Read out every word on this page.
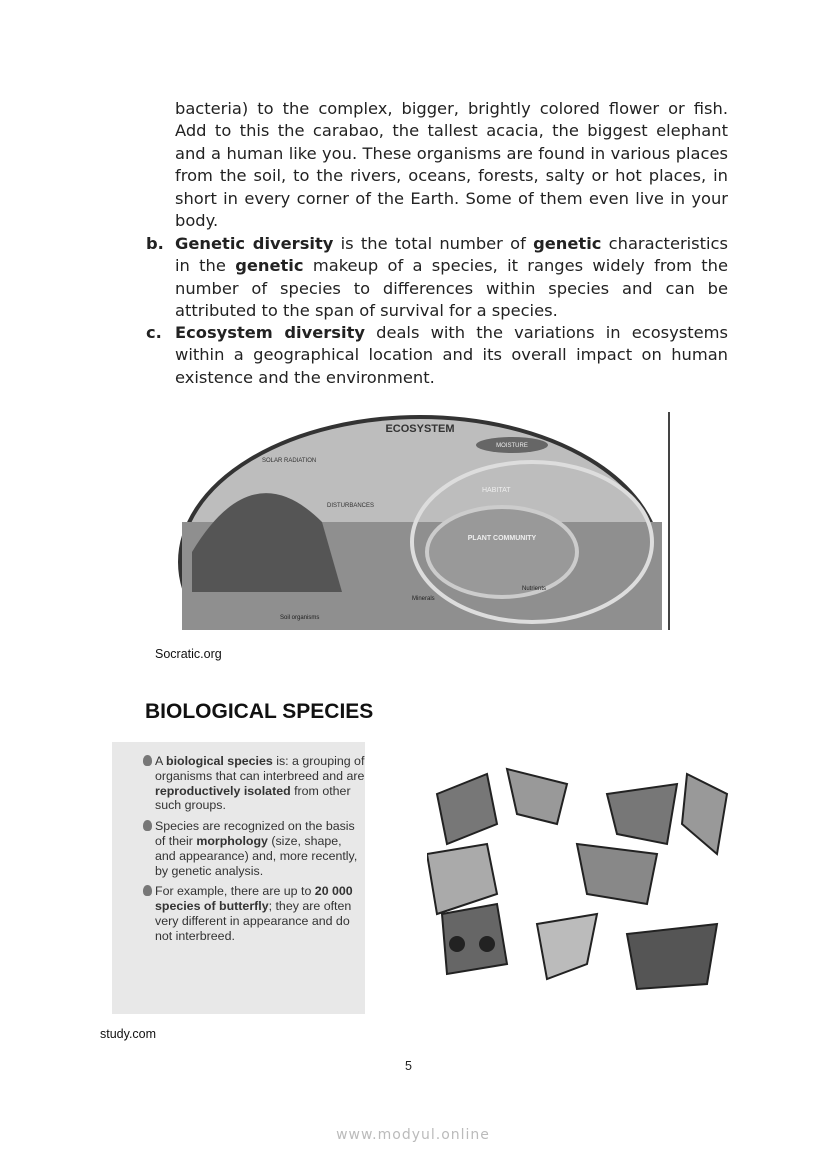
bacteria) to the complex, bigger, brightly colored flower or fish. Add to this the carabao, the tallest acacia, the biggest elephant and a human like you. These organisms are found in various places from the soil, to the rivers, oceans, forests, salty or hot places, in short in every corner of the Earth. Some of them even live in your body.

b. Genetic diversity is the total number of genetic characteristics in the genetic makeup of a species, it ranges widely from the number of species to differences within species and can be attributed to the span of survival for a species.
c. Ecosystem diversity deals with the variations in ecosystems within a geographical location and its overall impact on human existence and the environment.
ECOSYSTEM
SOLAR RADIATION
MOISTURE
HABITAT
DISTURBANCES
PLANT COMMUNITY
Nutrients
Minerals
Soil organisms
Socratic.org
BIOLOGICAL SPECIES
A biological species is: a grouping of organisms that can interbreed and are reproductively isolated from other such groups.
Species are recognized on the basis of their morphology (size, shape, and appearance) and, more recently, by genetic analysis.
For example, there are up to 20 000 species of butterfly; they are often very different in appearance and do not interbreed.
study.com
5
www.modyul.online
